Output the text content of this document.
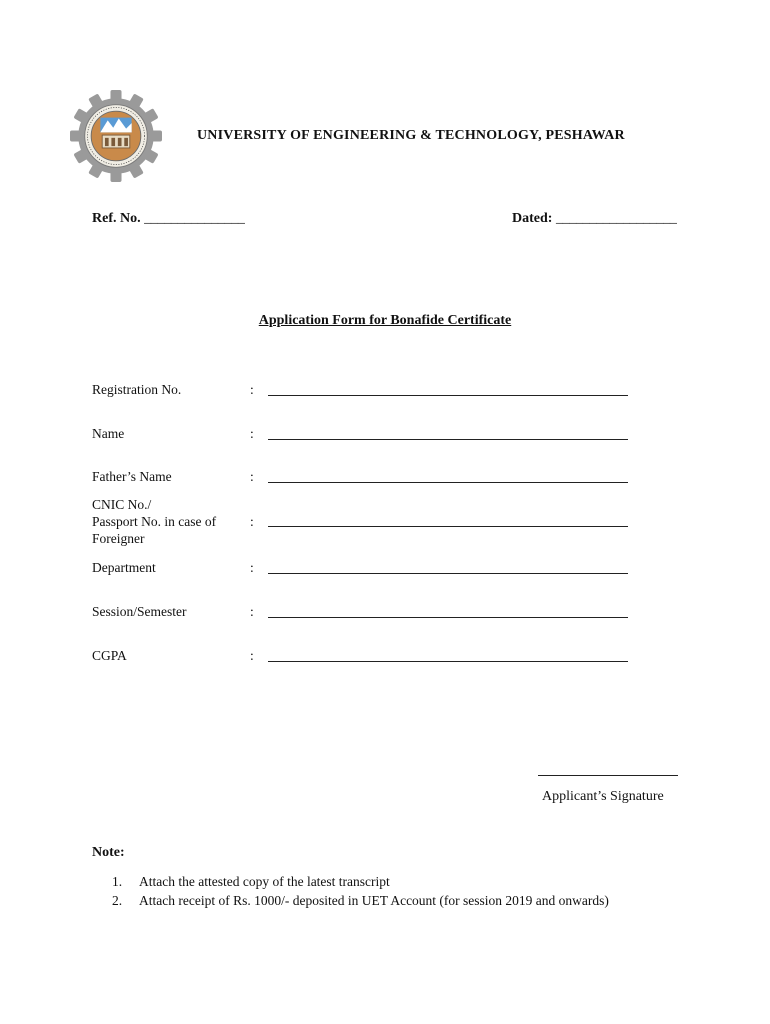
UNIVERSITY OF ENGINEERING & TECHNOLOGY, PESHAWAR
Ref. No. _______________	Dated: __________________
Application Form for Bonafide Certificate
Registration No.	:
Name	:
Father’s Name	:
CNIC No./
Passport No. in case of
Foreigner
:
Department	:
Session/Semester	:
CGPA	:
Applicant’s Signature
Note:
1. Attach the attested copy of the latest transcript
2. Attach receipt of Rs. 1000/- deposited in UET Account (for session 2019 and onwards)
